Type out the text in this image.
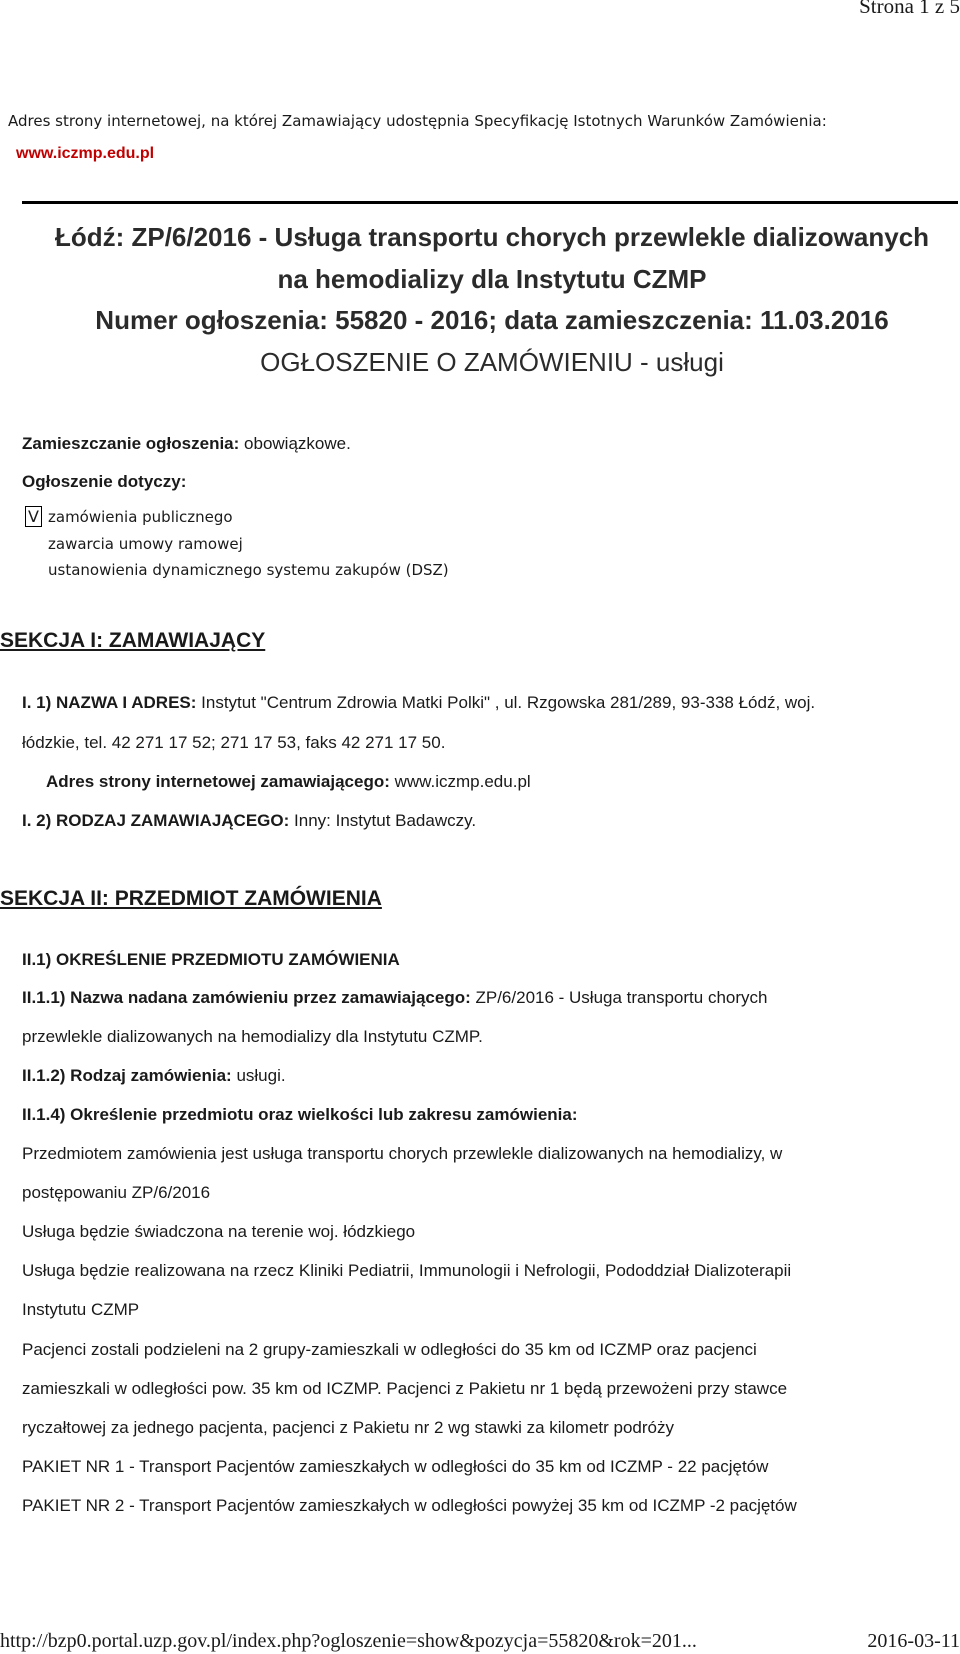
Strona 1 z 5
Adres strony internetowej, na której Zamawiający udostępnia Specyfikację Istotnych Warunków Zamówienia:
www.iczmp.edu.pl
Łódź: ZP/6/2016 - Usługa transportu chorych przewlekle dializowanych
na hemodializy dla Instytutu CZMP
Numer ogłoszenia: 55820 - 2016; data zamieszczenia: 11.03.2016
OGŁOSZENIE O ZAMÓWIENIU - usługi
Zamieszczanie ogłoszenia: obowiązkowe.
Ogłoszenie dotyczy:
V zamówienia publicznego
zawarcia umowy ramowej
ustanowienia dynamicznego systemu zakupów (DSZ)
SEKCJA I: ZAMAWIAJĄCY
I. 1) NAZWA I ADRES: Instytut "Centrum Zdrowia Matki Polki" , ul. Rzgowska 281/289, 93-338 Łódź, woj.
łódzkie, tel. 42 271 17 52; 271 17 53, faks 42 271 17 50.
Adres strony internetowej zamawiającego: www.iczmp.edu.pl
I. 2) RODZAJ ZAMAWIAJĄCEGO: Inny: Instytut Badawczy.
SEKCJA II: PRZEDMIOT ZAMÓWIENIA
II.1) OKREŚLENIE PRZEDMIOTU ZAMÓWIENIA
II.1.1) Nazwa nadana zamówieniu przez zamawiającego: ZP/6/2016 - Usługa transportu chorych
przewlekle dializowanych na hemodializy dla Instytutu CZMP.
II.1.2) Rodzaj zamówienia: usługi.
II.1.4) Określenie przedmiotu oraz wielkości lub zakresu zamówienia:
Przedmiotem zamówienia jest usługa transportu chorych przewlekle dializowanych na hemodializy, w
postępowaniu ZP/6/2016
Usługa będzie świadczona na terenie woj. łódzkiego
Usługa będzie realizowana na rzecz Kliniki Pediatrii, Immunologii i Nefrologii, Pododdział Dializoterapii
Instytutu CZMP
Pacjenci zostali podzieleni na 2 grupy-zamieszkali w odległości do 35 km od ICZMP oraz pacjenci
zamieszkali w odległości pow. 35 km od ICZMP. Pacjenci z Pakietu nr 1 będą przewożeni przy stawce
ryczałtowej za jednego pacjenta, pacjenci z Pakietu nr 2 wg stawki za kilometr podróży
PAKIET NR 1 - Transport Pacjentów zamieszkałych w odległości do 35 km od ICZMP - 22 pacjętów
PAKIET NR 2 - Transport Pacjentów zamieszkałych w odległości powyżej 35 km od ICZMP -2 pacjętów
http://bzp0.portal.uzp.gov.pl/index.php?ogloszenie=show&pozycja=55820&rok=201...	2016-03-11
